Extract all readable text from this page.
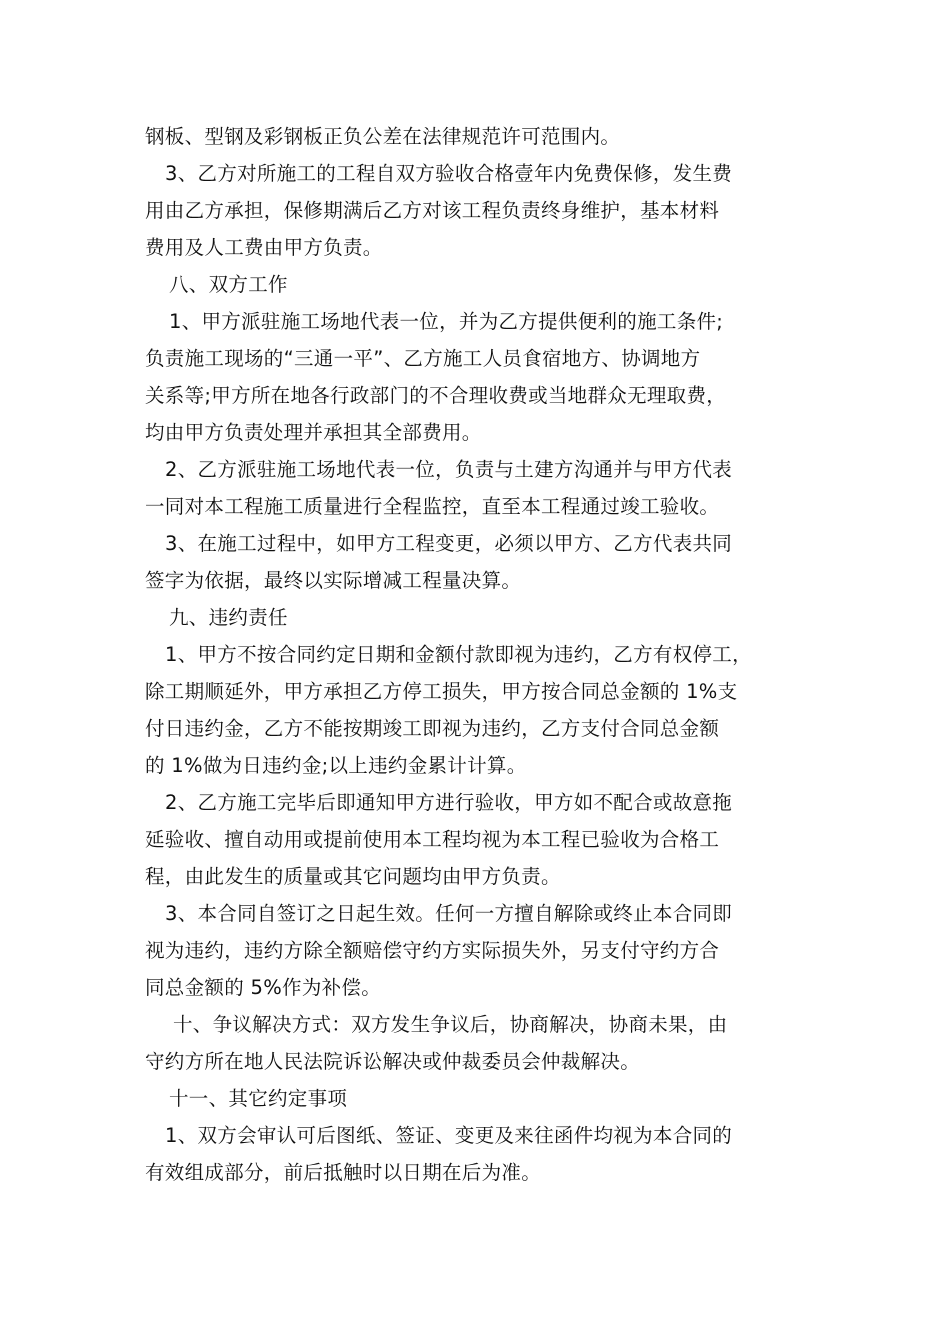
钢板、型钢及彩钢板正负公差在法律规范许可范围内。

3、乙方对所施工的工程自双方验收合格壹年内免费保修，发生费
用由乙方承担，保修期满后乙方对该工程负责终身维护，基本材料
费用及人工费由甲方负责。

八、双方工作

1、甲方派驻施工场地代表一位，并为乙方提供便利的施工条件;
负责施工现场的“三通一平”、乙方施工人员食宿地方、协调地方
关系等;甲方所在地各行政部门的不合理收费或当地群众无理取费，
均由甲方负责处理并承担其全部费用。

2、乙方派驻施工场地代表一位，负责与土建方沟通并与甲方代表
一同对本工程施工质量进行全程监控，直至本工程通过竣工验收。

3、在施工过程中，如甲方工程变更，必须以甲方、乙方代表共同
签字为依据，最终以实际增减工程量决算。

九、违约责任

1、甲方不按合同约定日期和金额付款即视为违约，乙方有权停工，
除工期顺延外，甲方承担乙方停工损失，甲方按合同总金额的 1%支
付日违约金，乙方不能按期竣工即视为违约，乙方支付合同总金额
的 1%做为日违约金;以上违约金累计计算。

2、乙方施工完毕后即通知甲方进行验收，甲方如不配合或故意拖
延验收、擅自动用或提前使用本工程均视为本工程已验收为合格工
程，由此发生的质量或其它问题均由甲方负责。

3、本合同自签订之日起生效。任何一方擅自解除或终止本合同即
视为违约，违约方除全额赔偿守约方实际损失外，另支付守约方合
同总金额的 5%作为补偿。

十、争议解决方式：双方发生争议后，协商解决，协商未果，由
守约方所在地人民法院诉讼解决或仲裁委员会仲裁解决。

十一、其它约定事项

1、双方会审认可后图纸、签证、变更及来往函件均视为本合同的
有效组成部分，前后抵触时以日期在后为准。
